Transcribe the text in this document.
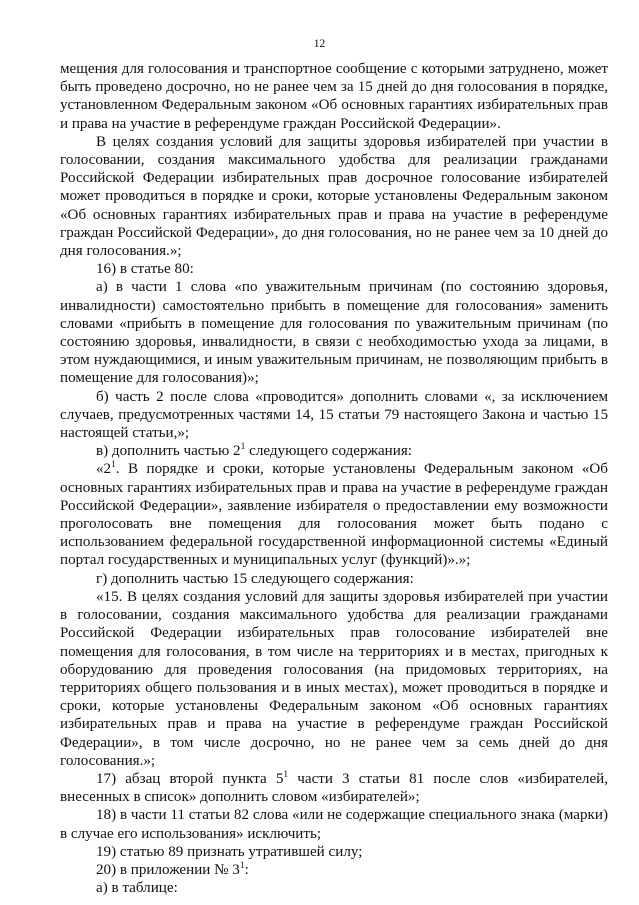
12

мещения для голосования и транспортное сообщение с которыми затруднено, может быть проведено досрочно, но не ранее чем за 15 дней до дня голосования в порядке, установленном Федеральным законом «Об основных гарантиях избирательных прав и права на участие в референдуме граждан Российской Федерации».

В целях создания условий для защиты здоровья избирателей при участии в голосовании, создания максимального удобства для реализации гражданами Российской Федерации избирательных прав досрочное голосование избирателей может проводиться в порядке и сроки, которые установлены Федеральным законом «Об основных гарантиях избирательных прав и права на участие в референдуме граждан Российской Федерации», до дня голосования, но не ранее чем за 10 дней до дня голосования.»;

16) в статье 80:

а) в части 1 слова «по уважительным причинам (по состоянию здоровья, инвалидности) самостоятельно прибыть в помещение для голосования» заменить словами «прибыть в помещение для голосования по уважительным причинам (по состоянию здоровья, инвалидности, в связи с необходимостью ухода за лицами, в этом нуждающимися, и иным уважительным причинам, не позволяющим прибыть в помещение для голосования)»;

б) часть 2 после слова «проводится» дополнить словами «, за исключением случаев, предусмотренных частями 14, 15 статьи 79 настоящего Закона и частью 15 настоящей статьи,»;

в) дополнить частью $2^1$ следующего содержания:

«$2^1$. В порядке и сроки, которые установлены Федеральным законом «Об основных гарантиях избирательных прав и права на участие в референдуме граждан Российской Федерации», заявление избирателя о предоставлении ему возможности проголосовать вне помещения для голосования может быть подано с использованием федеральной государственной информационной системы «Единый портал государственных и муниципальных услуг (функций)».»;

г) дополнить частью 15 следующего содержания:

«15. В целях создания условий для защиты здоровья избирателей при участии в голосовании, создания максимального удобства для реализации гражданами Российской Федерации избирательных прав голосование избирателей вне помещения для голосования, в том числе на территориях и в местах, пригодных к оборудованию для проведения голосования (на придомовых территориях, на территориях общего пользования и в иных местах), может проводиться в порядке и сроки, которые установлены Федеральным законом «Об основных гарантиях избирательных прав и права на участие в референдуме граждан Российской Федерации», в том числе досрочно, но не ранее чем за семь дней до дня голосования.»;

17) абзац второй пункта $5^1$ части 3 статьи 81 после слов «избирателей, внесенных в список» дополнить словом «избирателей»;

18) в части 11 статьи 82 слова «или не содержащие специального знака (марки) в случае его использования» исключить;

19) статью 89 признать утратившей силу;

20) в приложении № $3^1$:

а) в таблице:
